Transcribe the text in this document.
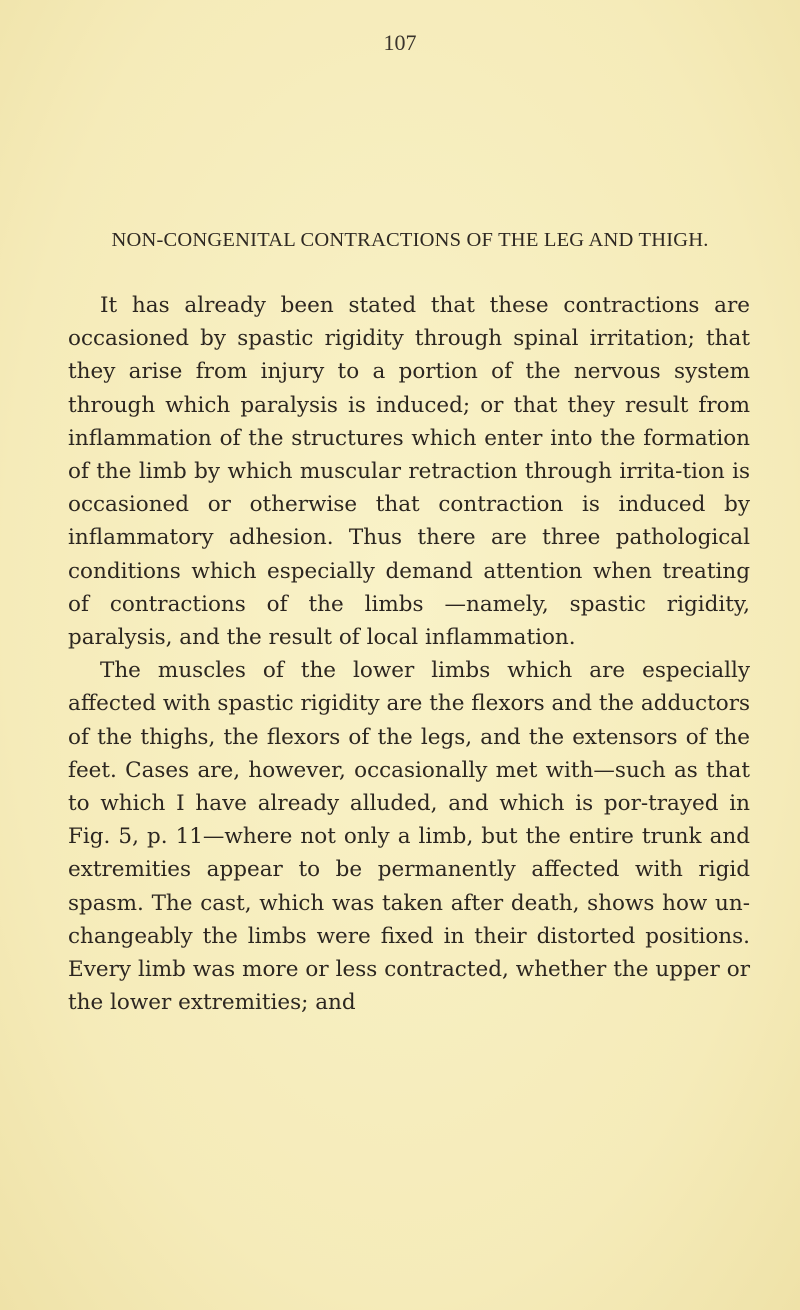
107
NON-CONGENITAL CONTRACTIONS OF THE LEG AND THIGH.

It has already been stated that these contractions are occasioned by spastic rigidity through spinal irritation; that they arise from injury to a portion of the nervous system through which paralysis is induced; or that they result from inflammation of the structures which enter into the formation of the limb by which muscular retraction through irrita-tion is occasioned or otherwise that contraction is induced by inflammatory adhesion. Thus there are three pathological conditions which especially demand attention when treating of contractions of the limbs —namely, spastic rigidity, paralysis, and the result of local inflammation.

The muscles of the lower limbs which are especially affected with spastic rigidity are the flexors and the adductors of the thighs, the flexors of the legs, and the extensors of the feet. Cases are, however, occasionally met with—such as that to which I have already alluded, and which is por-trayed in Fig. 5, p. 11—where not only a limb, but the entire trunk and extremities appear to be permanently affected with rigid spasm. The cast, which was taken after death, shows how un-changeably the limbs were fixed in their distorted positions. Every limb was more or less contracted, whether the upper or the lower extremities; and
